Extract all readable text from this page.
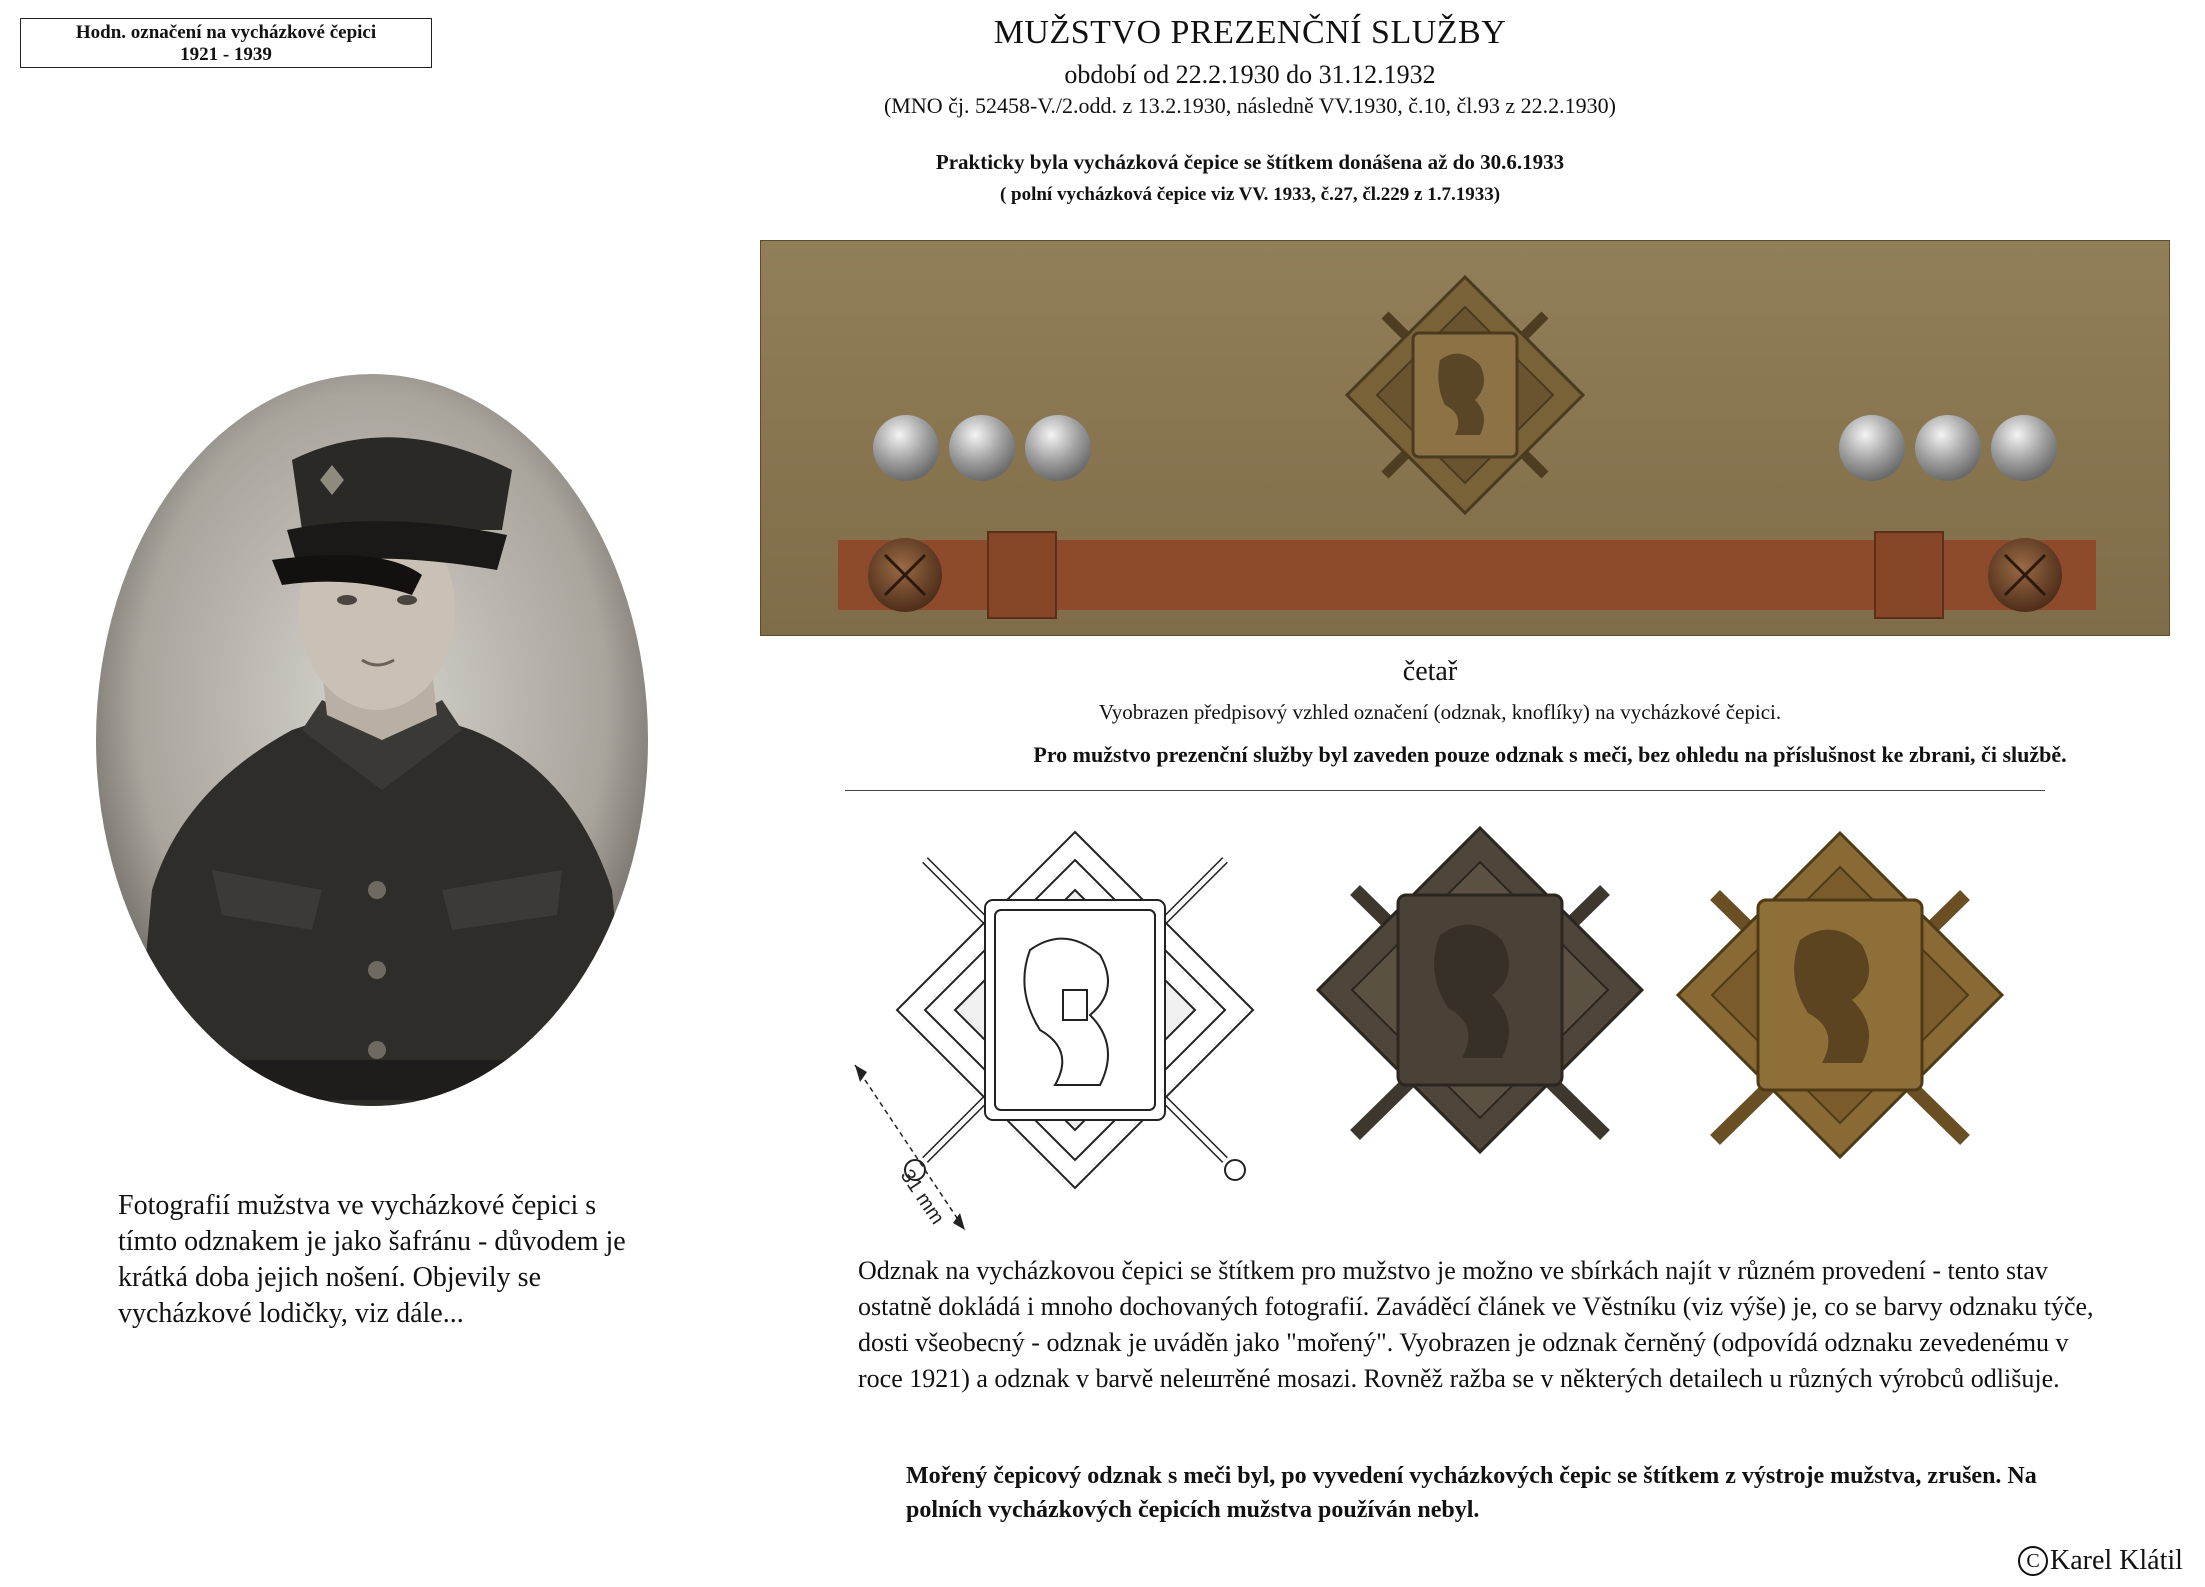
Hodn. označení na vycházkové čepici
1921 - 1939
MUŽSTVO PREZENČNÍ SLUŽBY
období od 22.2.1930 do 31.12.1932
(MNO čj. 52458-V./2.odd. z 13.2.1930, následně VV.1930, č.10, čl.93 z 22.2.1930)
Prakticky byla vycházková čepice se štítkem donášena až do 30.6.1933
( polní vycházková čepice viz VV. 1933, č.27, čl.229 z 1.7.1933)
četař
Vyobrazen předpisový vzhled označení (odznak, knoflíky) na vycházkové čepici.
Pro mužstvo prezenční služby byl zaveden pouze odznak s meči, bez ohledu na příslušnost ke zbrani, či službě.
31 mm
Fotografií mužstva ve vycházkové čepici s tímto odznakem je jako šafránu - důvodem je krátká doba jejich nošení. Objevily se vycházkové lodičky, viz dále...
Odznak na vycházkovou čepici se štítkem pro mužstvo je možno ve sbírkách najít v různém provedení - tento stav ostatně dokládá i mnoho dochovaných fotografií. Zaváděcí článek ve Věstníku (viz výše) je, co se barvy odznaku týče, dosti všeobecný - odznak je uváděn jako "mořený". Vyobrazen je odznak černěný (odpovídá odznaku zevedenému v roce 1921) a odznak v barvě nelештěné mosazi. Rovněž ražba se v některých detailech u různých výrobců odlišuje.
Mořený čepicový odznak s meči byl, po vyvedení vycházkových čepic se štítkem z výstroje mužstva, zrušen. Na polních vycházkových čepicích mužstva používán nebyl.
C Karel Klátil
